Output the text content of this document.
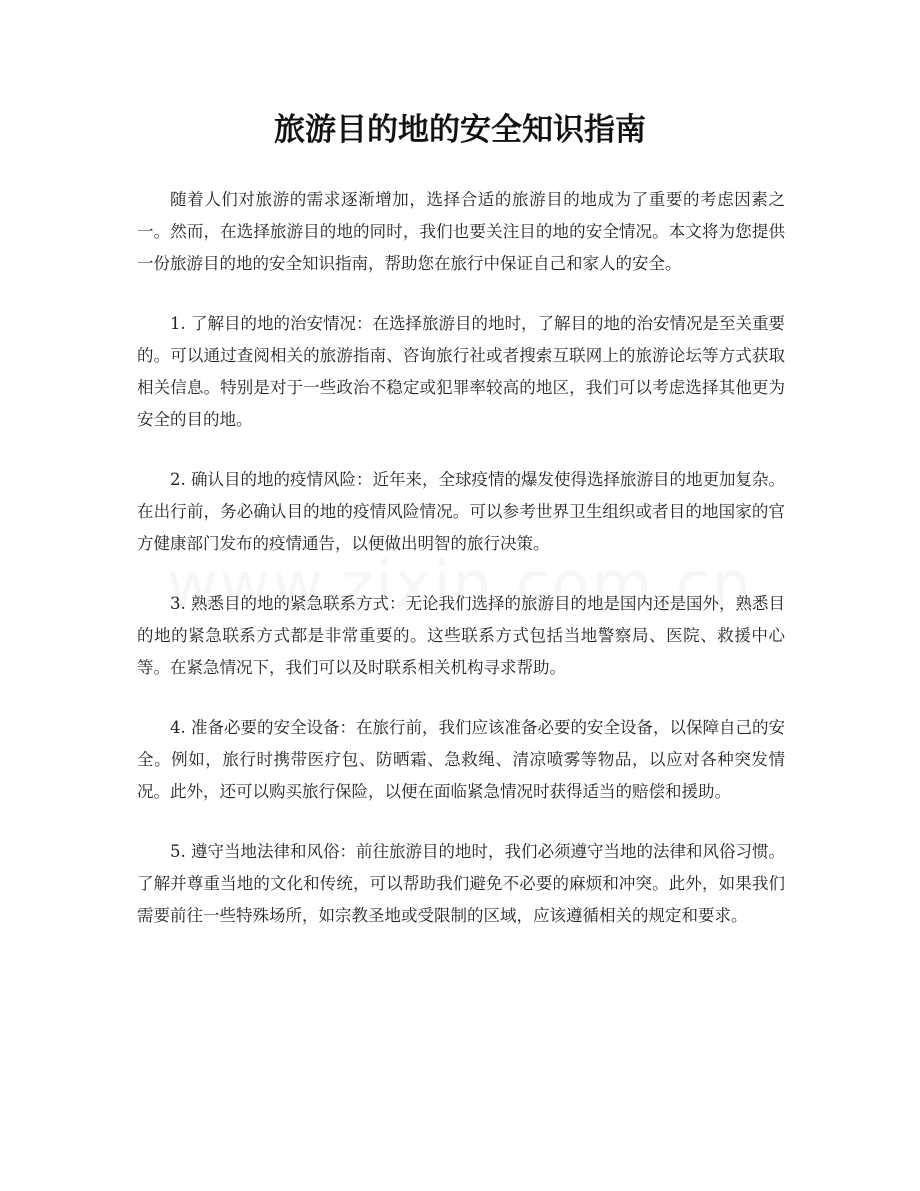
旅游目的地的安全知识指南

随着人们对旅游的需求逐渐增加，选择合适的旅游目的地成为了重要的考虑因素之一。然而，在选择旅游目的地的同时，我们也要关注目的地的安全情况。本文将为您提供一份旅游目的地的安全知识指南，帮助您在旅行中保证自己和家人的安全。

1. 了解目的地的治安情况：在选择旅游目的地时，了解目的地的治安情况是至关重要的。可以通过查阅相关的旅游指南、咨询旅行社或者搜索互联网上的旅游论坛等方式获取相关信息。特别是对于一些政治不稳定或犯罪率较高的地区，我们可以考虑选择其他更为安全的目的地。

2. 确认目的地的疫情风险：近年来，全球疫情的爆发使得选择旅游目的地更加复杂。在出行前，务必确认目的地的疫情风险情况。可以参考世界卫生组织或者目的地国家的官方健康部门发布的疫情通告，以便做出明智的旅行决策。

3. 熟悉目的地的紧急联系方式：无论我们选择的旅游目的地是国内还是国外，熟悉目的地的紧急联系方式都是非常重要的。这些联系方式包括当地警察局、医院、救援中心等。在紧急情况下，我们可以及时联系相关机构寻求帮助。

4. 准备必要的安全设备：在旅行前，我们应该准备必要的安全设备，以保障自己的安全。例如，旅行时携带医疗包、防晒霜、急救绳、清凉喷雾等物品，以应对各种突发情况。此外，还可以购买旅行保险，以便在面临紧急情况时获得适当的赔偿和援助。

5. 遵守当地法律和风俗：前往旅游目的地时，我们必须遵守当地的法律和风俗习惯。了解并尊重当地的文化和传统，可以帮助我们避免不必要的麻烦和冲突。此外，如果我们需要前往一些特殊场所，如宗教圣地或受限制的区域，应该遵循相关的规定和要求。
